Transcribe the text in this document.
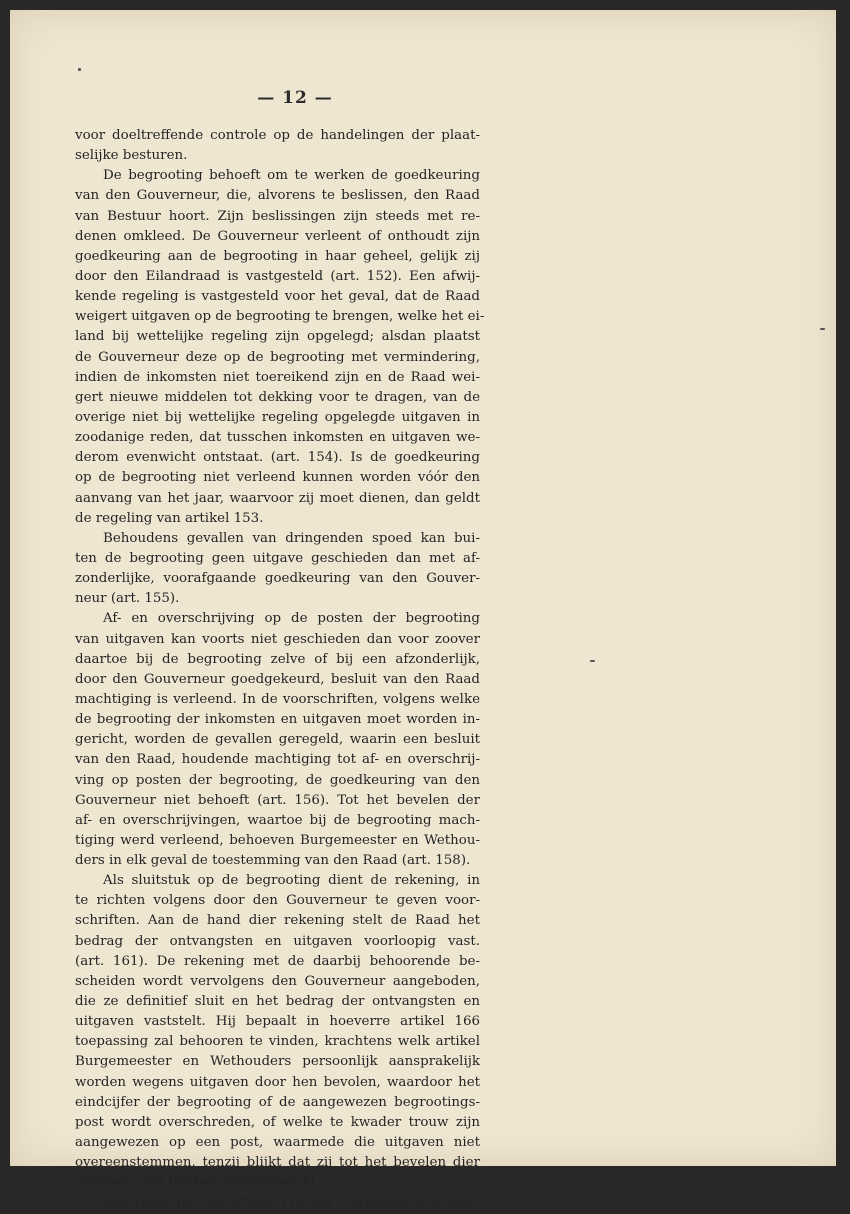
— 12 —
voor doeltreffende controle op de handelingen der plaat-
selijke besturen.
De begrooting behoeft om te werken de goedkeuring
van den Gouverneur, die, alvorens te beslissen, den Raad
van Bestuur hoort. Zijn beslissingen zijn steeds met re-
denen omkleed. De Gouverneur verleent of onthoudt zijn
goedkeuring aan de begrooting in haar geheel, gelijk zij
door den Eilandraad is vastgesteld (art. 152). Een afwij-
kende regeling is vastgesteld voor het geval, dat de Raad
weigert uitgaven op de begrooting te brengen, welke het ei-
land bij wettelijke regeling zijn opgelegd; alsdan plaatst
de Gouverneur deze op de begrooting met vermindering,
indien de inkomsten niet toereikend zijn en de Raad wei-
gert nieuwe middelen tot dekking voor te dragen, van de
overige niet bij wettelijke regeling opgelegde uitgaven in
zoodanige reden, dat tusschen inkomsten en uitgaven we-
derom evenwicht ontstaat. (art. 154). Is de goedkeuring
op de begrooting niet verleend kunnen worden vóór den
aanvang van het jaar, waarvoor zij moet dienen, dan geldt
de regeling van artikel 153.
Behoudens gevallen van dringenden spoed kan bui-
ten de begrooting geen uitgave geschieden dan met af-
zonderlijke, voorafgaande goedkeuring van den Gouver-
neur (art. 155).
Af- en overschrijving op de posten der begrooting
van uitgaven kan voorts niet geschieden dan voor zoover
daartoe bij de begrooting zelve of bij een afzonderlijk,
door den Gouverneur goedgekeurd, besluit van den Raad
machtiging is verleend. In de voorschriften, volgens welke
de begrooting der inkomsten en uitgaven moet worden in-
gericht, worden de gevallen geregeld, waarin een besluit
van den Raad, houdende machtiging tot af- en overschrij-
ving op posten der begrooting, de goedkeuring van den
Gouverneur niet behoeft (art. 156). Tot het bevelen der
af- en overschrijvingen, waartoe bij de begrooting mach-
tiging werd verleend, behoeven Burgemeester en Wethou-
ders in elk geval de toestemming van den Raad (art. 158).
Als sluitstuk op de begrooting dient de rekening, in
te richten volgens door den Gouverneur te geven voor-
schriften. Aan de hand dier rekening stelt de Raad het
bedrag der ontvangsten en uitgaven voorloopig vast.
(art. 161). De rekening met de daarbij behoorende be-
scheiden wordt vervolgens den Gouverneur aangeboden,
die ze definitief sluit en het bedrag der ontvangsten en
uitgaven vaststelt. Hij bepaalt in hoeverre artikel 166
toepassing zal behooren te vinden, krachtens welk artikel
Burgemeester en Wethouders persoonlijk aansprakelijk
worden wegens uitgaven door hen bevolen, waardoor het
eindcijfer der begrooting of de aangewezen begrootings-
post wordt overschreden, of welke te kwader trouw zijn
aangewezen op een post, waarmede die uitgaven niet
overeenstemmen, tenzij blijkt dat zij tot het bevelen dier
uitgaven niet hebben medegewerkt.
Het vijfde lid van artikel 118 der Curaçaosche Staats-
